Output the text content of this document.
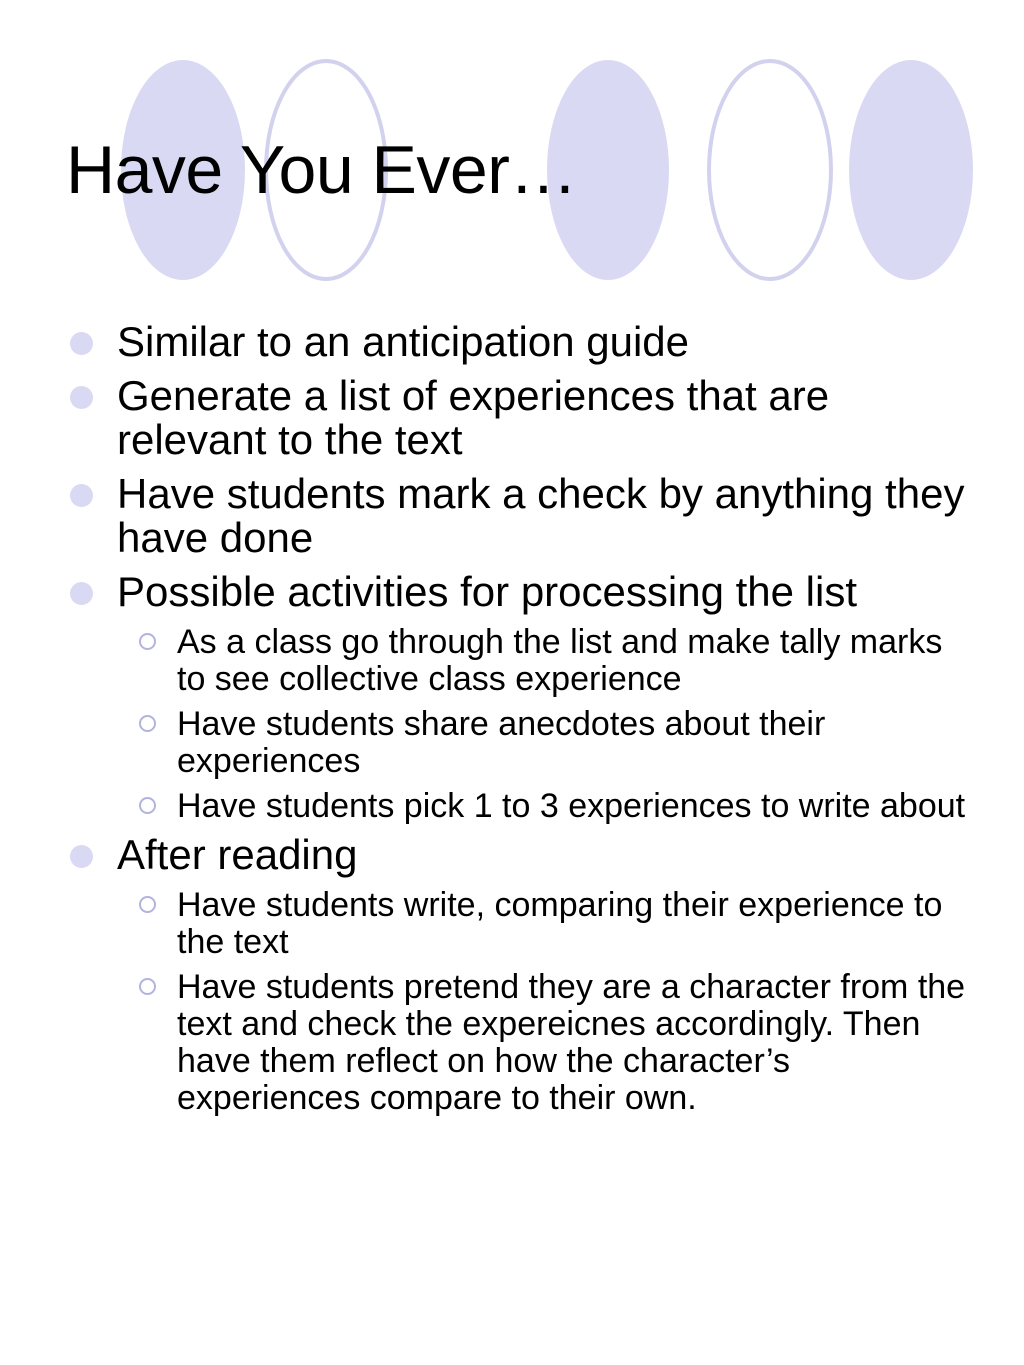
Have You Ever…
Similar to an anticipation guide
Generate a list of experiences that are relevant to the text
Have students mark a check by anything they have done
Possible activities for processing the list
As a class go through the list and make tally marks to see collective class experience
Have students share anecdotes about their experiences
Have students pick 1 to 3 experiences to write about
After reading
Have students write, comparing their experience to the text
Have students pretend they are a character from the text and check the expereicnes accordingly. Then have them reflect on how the character’s experiences compare to their own.
